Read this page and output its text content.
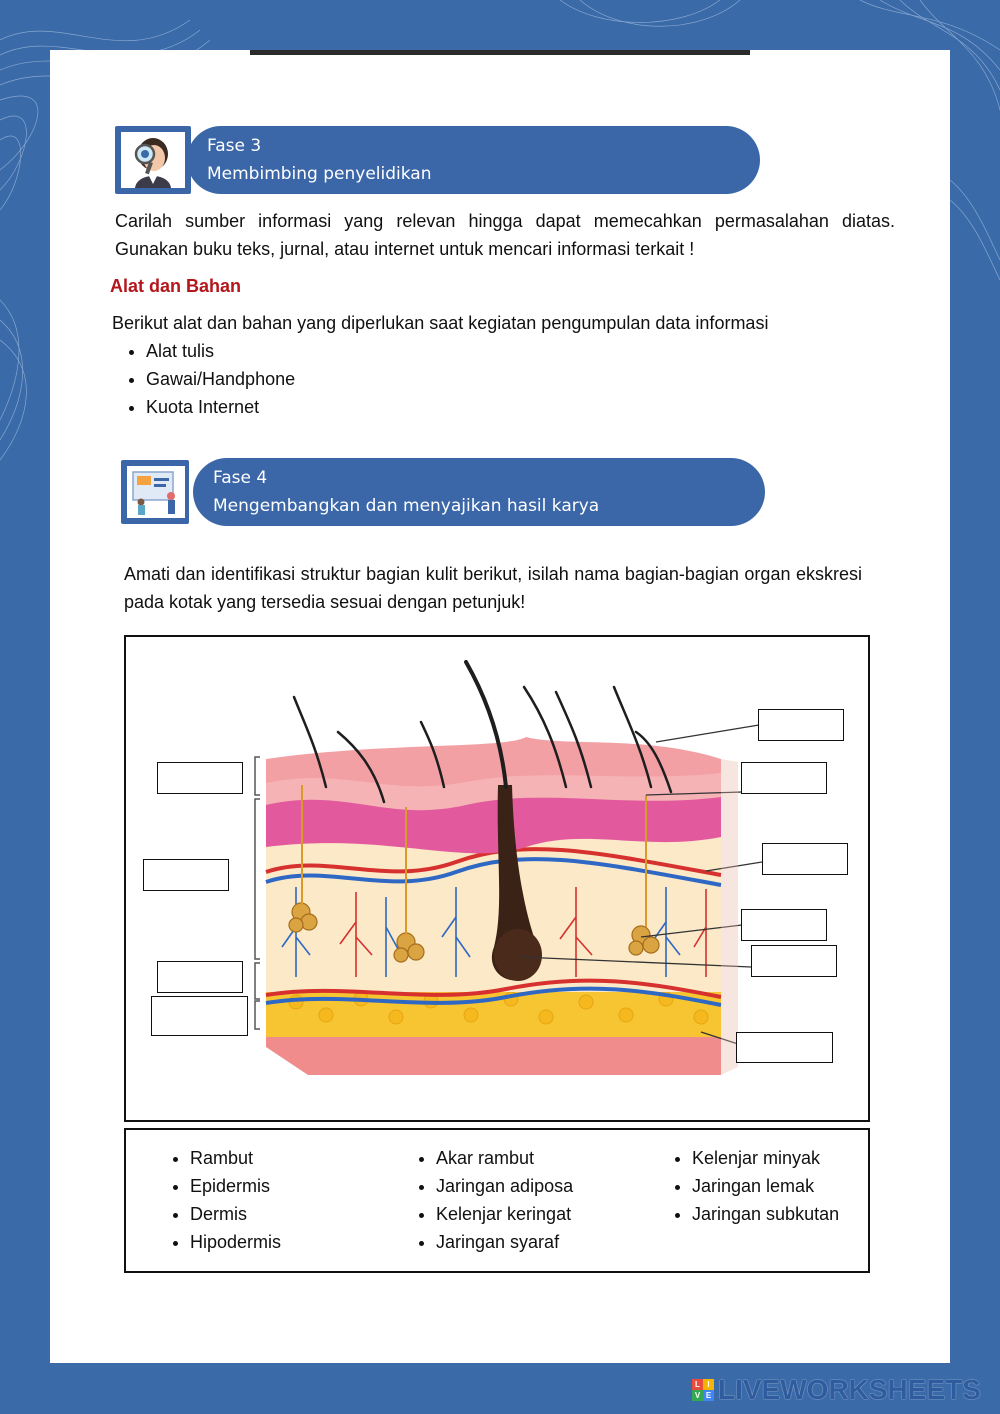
Fase 3
Membimbing penyelidikan
Carilah sumber informasi yang relevan hingga dapat memecahkan permasalahan diatas. Gunakan buku teks, jurnal, atau internet untuk mencari informasi terkait !
Alat dan Bahan
Berikut alat dan bahan yang diperlukan saat kegiatan pengumpulan data informasi
• Alat tulis
• Gawai/Handphone
• Kuota Internet
Fase 4
Mengembangkan dan menyajikan hasil karya
Amati dan identifikasi struktur bagian kulit berikut, isilah nama bagian-bagian organ ekskresi pada kotak yang tersedia sesuai dengan petunjuk!
• Rambut
• Epidermis
• Dermis
• Hipodermis
• Akar rambut
• Jaringan adiposa
• Kelenjar keringat
• Jaringan syaraf
• Kelenjar minyak
• Jaringan lemak
• Jaringan subkutan
L I
V E LIVEWORKSHEETS
